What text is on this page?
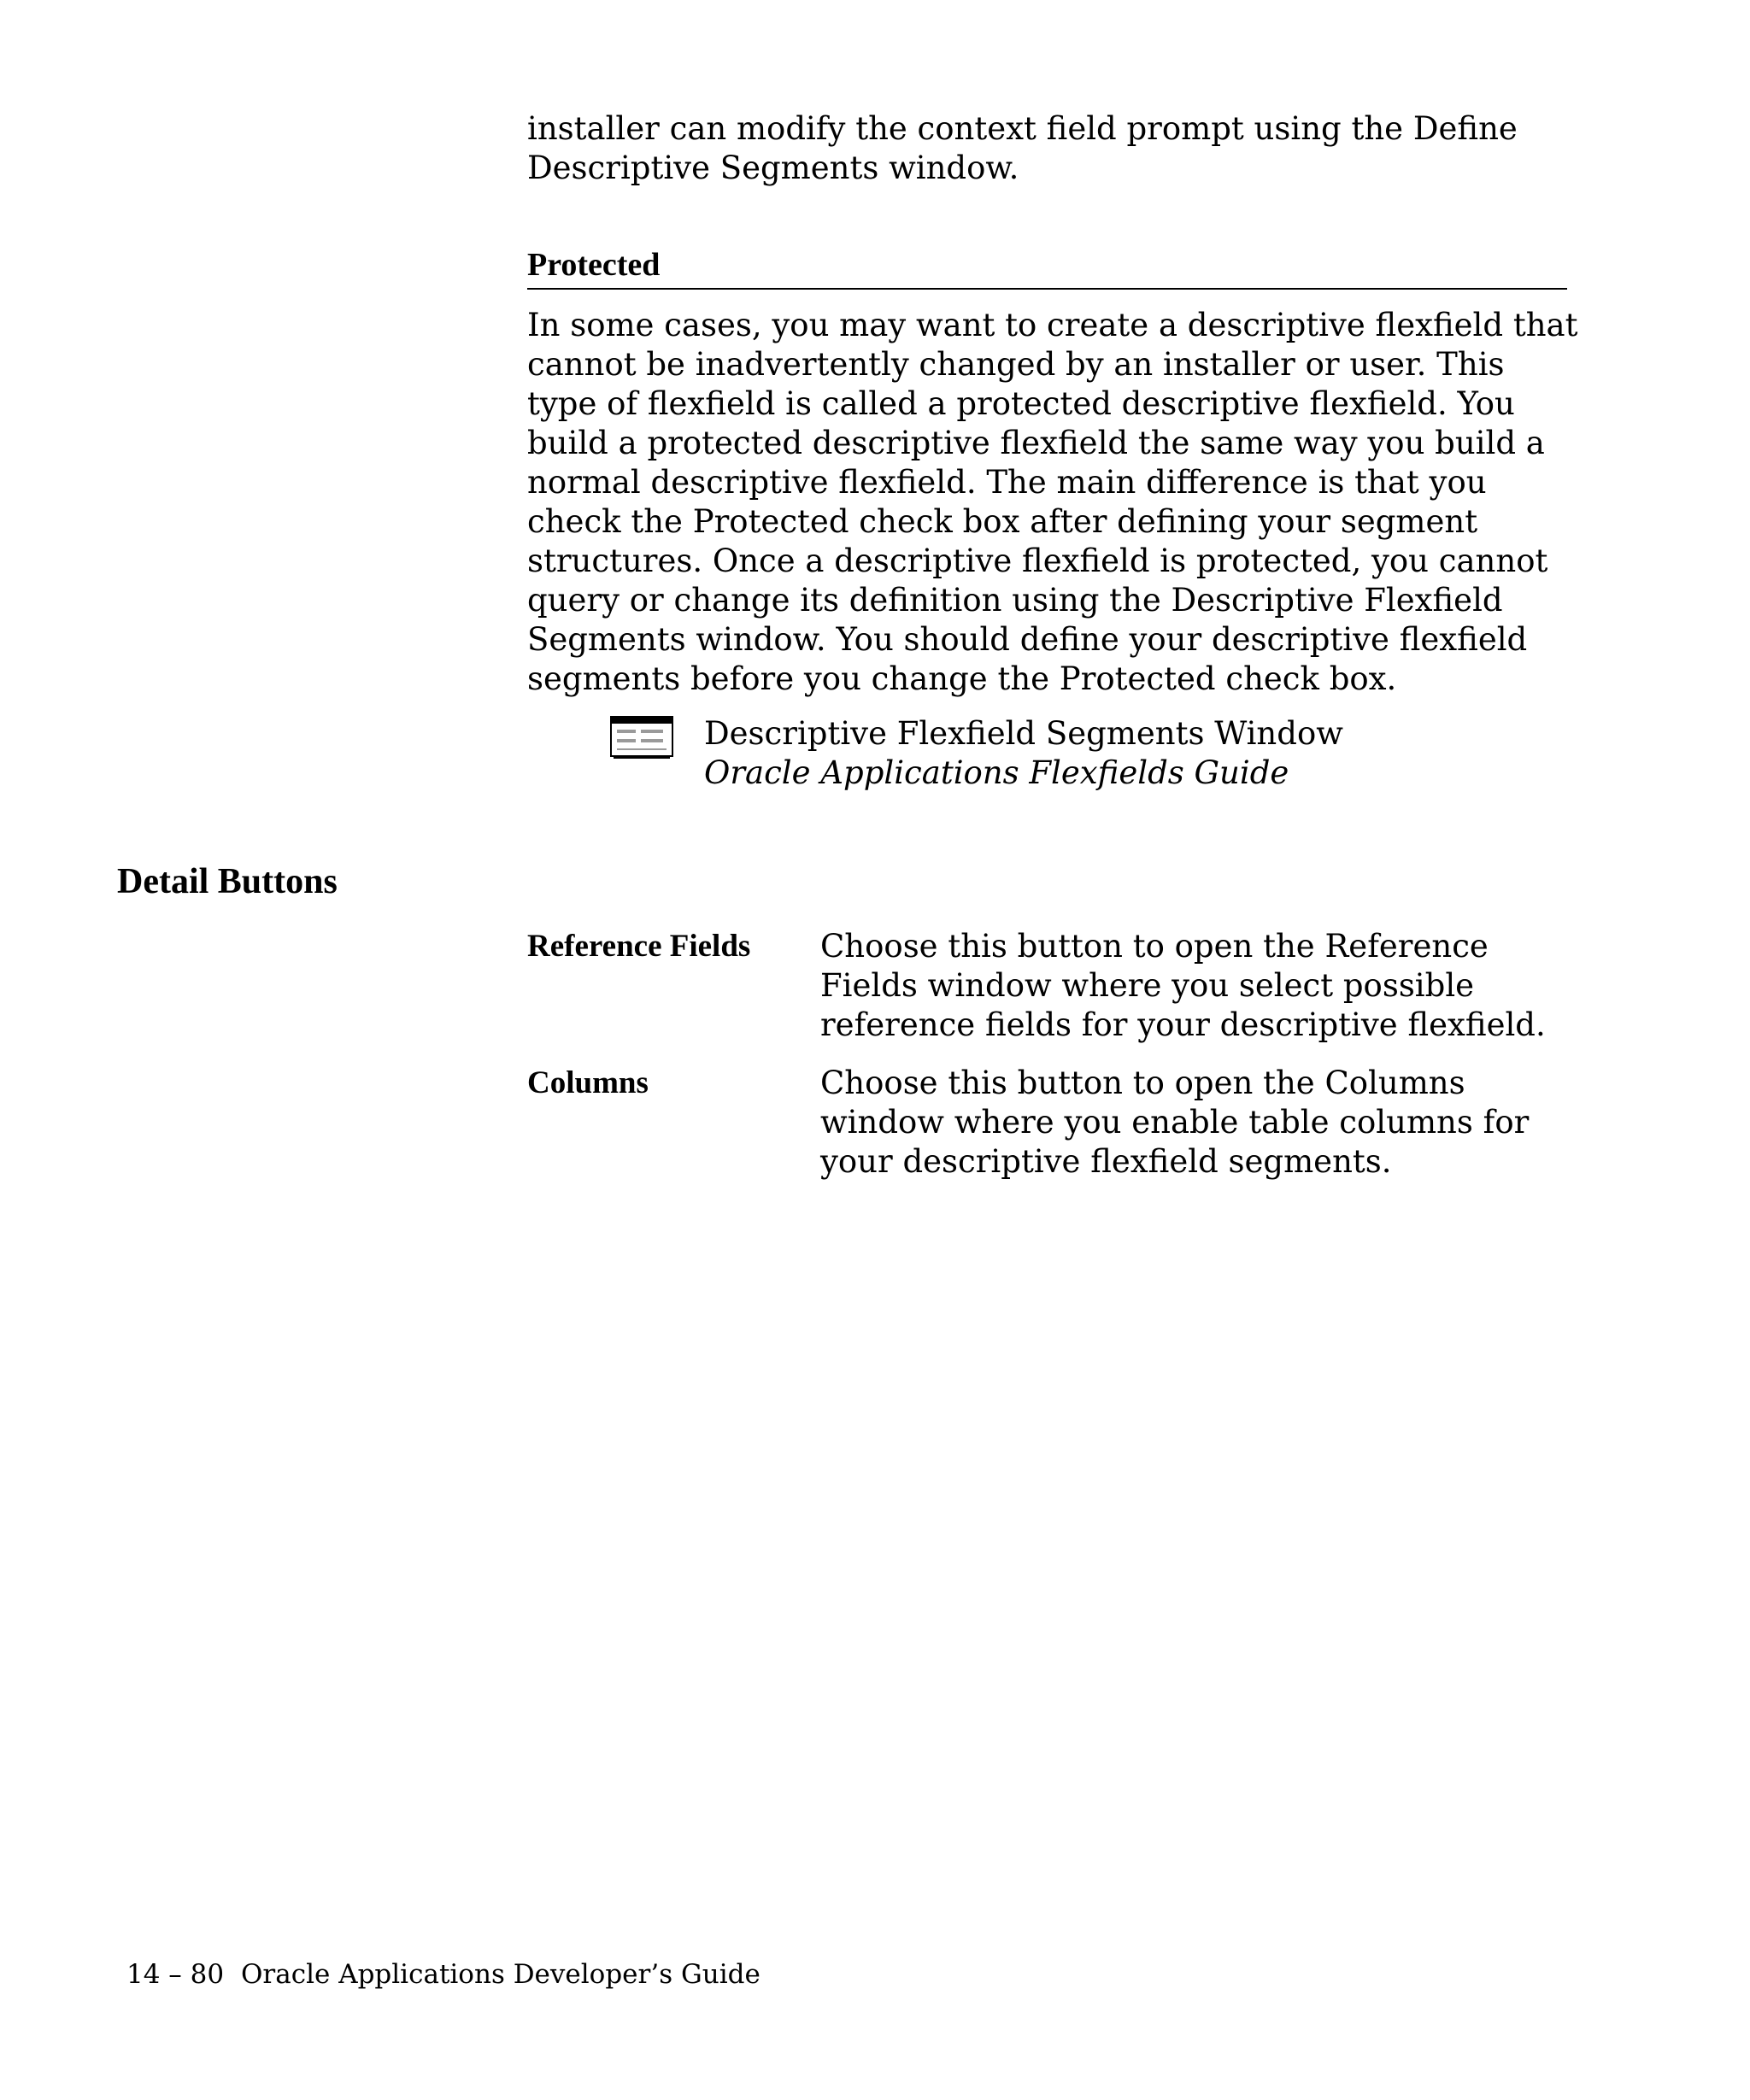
installer can modify the context field prompt using the Define Descriptive Segments window.
Protected
In some cases, you may want to create a descriptive flexfield that cannot be inadvertently changed by an installer or user. This type of flexfield is called a protected descriptive flexfield. You build a protected descriptive flexfield the same way you build a normal descriptive flexfield. The main difference is that you check the Protected check box after defining your segment structures. Once a descriptive flexfield is protected, you cannot query or change its definition using the Descriptive Flexfield Segments window. You should define your descriptive flexfield segments before you change the Protected check box.
Descriptive Flexfield Segments Window
Oracle Applications Flexfields Guide
Detail Buttons
Reference Fields	Choose this button to open the Reference Fields window where you select possible reference fields for your descriptive flexfield.
Columns	Choose this button to open the Columns window where you enable table columns for your descriptive flexfield segments.
14 – 80 Oracle Applications Developer’s Guide
